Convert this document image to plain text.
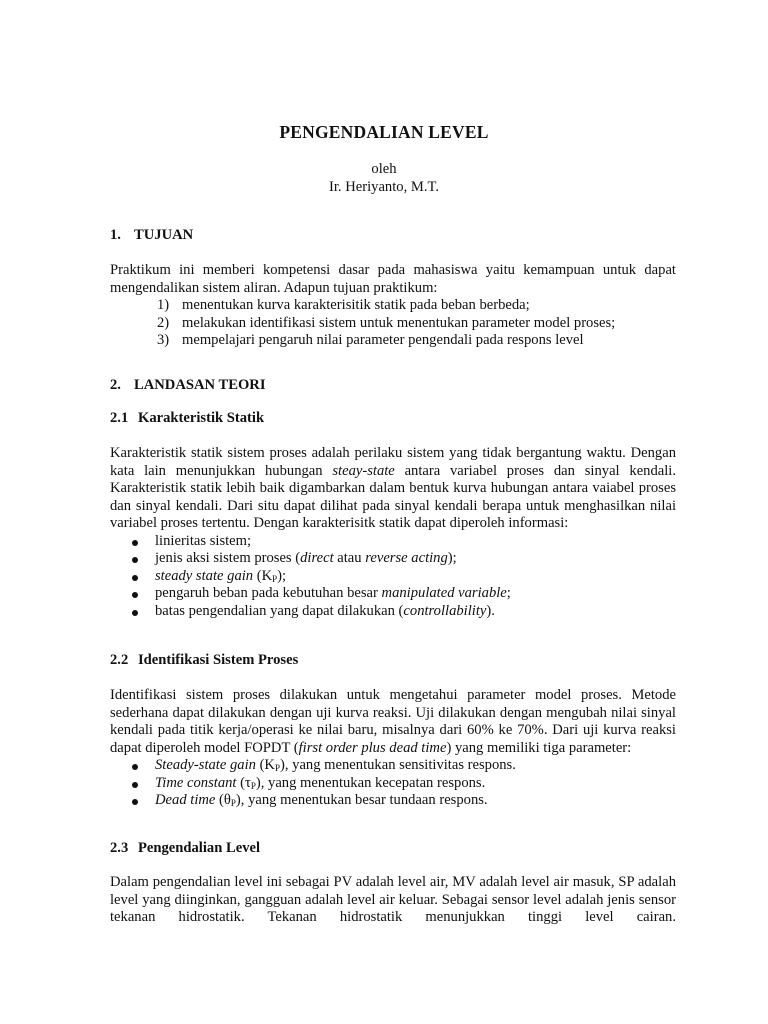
PENGENDALIAN LEVEL
oleh
Ir. Heriyanto, M.T.
1. TUJUAN

Praktikum ini memberi kompetensi dasar pada mahasiswa yaitu kemampuan untuk dapat

mengendalikan sistem aliran. Adapun tujuan praktikum:

1) menentukan kurva karakterisitik statik pada beban berbeda;
2) melakukan identifikasi sistem untuk menentukan parameter model proses;
3) mempelajari pengaruh nilai parameter pengendali pada respons level
2. LANDASAN TEORI
2.1 Karakteristik Statik

Karakteristik statik sistem proses adalah perilaku sistem yang tidak bergantung waktu. Dengan kata lain menunjukkan hubungan steay-state antara variabel proses dan sinyal kendali. Karakteristik statik lebih baik digambarkan dalam bentuk kurva hubungan antara vaiabel proses dan sinyal kendali. Dari situ dapat dilihat pada sinyal kendali berapa untuk menghasilkan nilai variabel proses tertentu. Dengan karakterisitk statik dapat diperoleh informasi:

linieritas sistem;
jenis aksi sistem proses (direct atau reverse acting);
steady state gain $(K_P)$;
pengaruh beban pada kebutuhan besar manipulated variable;
batas pengendalian yang dapat dilakukan (controllability).
2.2 Identifikasi Sistem Proses

Identifikasi sistem proses dilakukan untuk mengetahui parameter model proses. Metode sederhana dapat dilakukan dengan uji kurva reaksi. Uji dilakukan dengan mengubah nilai sinyal kendali pada titik kerja/operasi ke nilai baru, misalnya dari 60% ke 70%. Dari uji kurva reaksi dapat diperoleh model FOPDT (first order plus dead time) yang memiliki tiga parameter:

Steady-state gain $(K_P)$, yang menentukan sensitivitas respons.
Time constant $(\tau_P)$, yang menentukan kecepatan respons.
Dead time $(\theta_P)$, yang menentukan besar tundaan respons.
2.3 Pengendalian Level

Dalam pengendalian level ini sebagai PV adalah level air, MV adalah level air masuk, SP adalah level yang diinginkan, gangguan adalah level air keluar. Sebagai sensor level adalah jenis sensor tekanan hidrostatik. Tekanan hidrostatik menunjukkan tinggi level cairan.
